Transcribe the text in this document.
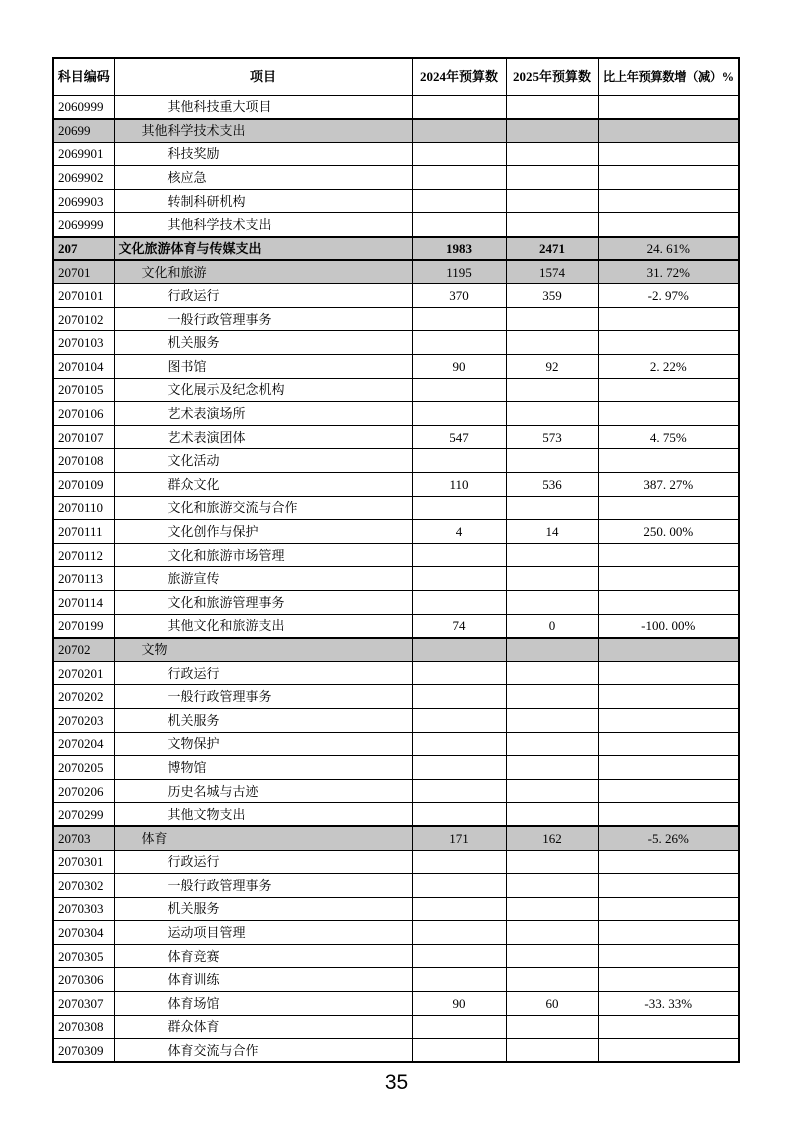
科目编码	项目	2024年预算数	2025年预算数	比上年预算数增（减）%
2060999	其他科技重大项目			
20699	其他科学技术支出			
2069901	科技奖励			
2069902	核应急			
2069903	转制科研机构			
2069999	其他科学技术支出			
207	文化旅游体育与传媒支出	1983	2471	24. 61%
20701	文化和旅游	1195	1574	31. 72%
2070101	行政运行	370	359	-2. 97%
2070102	一般行政管理事务			
2070103	机关服务			
2070104	图书馆	90	92	2. 22%
2070105	文化展示及纪念机构			
2070106	艺术表演场所			
2070107	艺术表演团体	547	573	4. 75%
2070108	文化活动			
2070109	群众文化	110	536	387. 27%
2070110	文化和旅游交流与合作			
2070111	文化创作与保护	4	14	250. 00%
2070112	文化和旅游市场管理			
2070113	旅游宣传			
2070114	文化和旅游管理事务			
2070199	其他文化和旅游支出	74	0	-100. 00%
20702	文物			
2070201	行政运行			
2070202	一般行政管理事务			
2070203	机关服务			
2070204	文物保护			
2070205	博物馆			
2070206	历史名城与古迹			
2070299	其他文物支出			
20703	体育	171	162	-5. 26%
2070301	行政运行			
2070302	一般行政管理事务			
2070303	机关服务			
2070304	运动项目管理			
2070305	体育竞赛			
2070306	体育训练			
2070307	体育场馆	90	60	-33. 33%
2070308	群众体育			
2070309	体育交流与合作			
35
